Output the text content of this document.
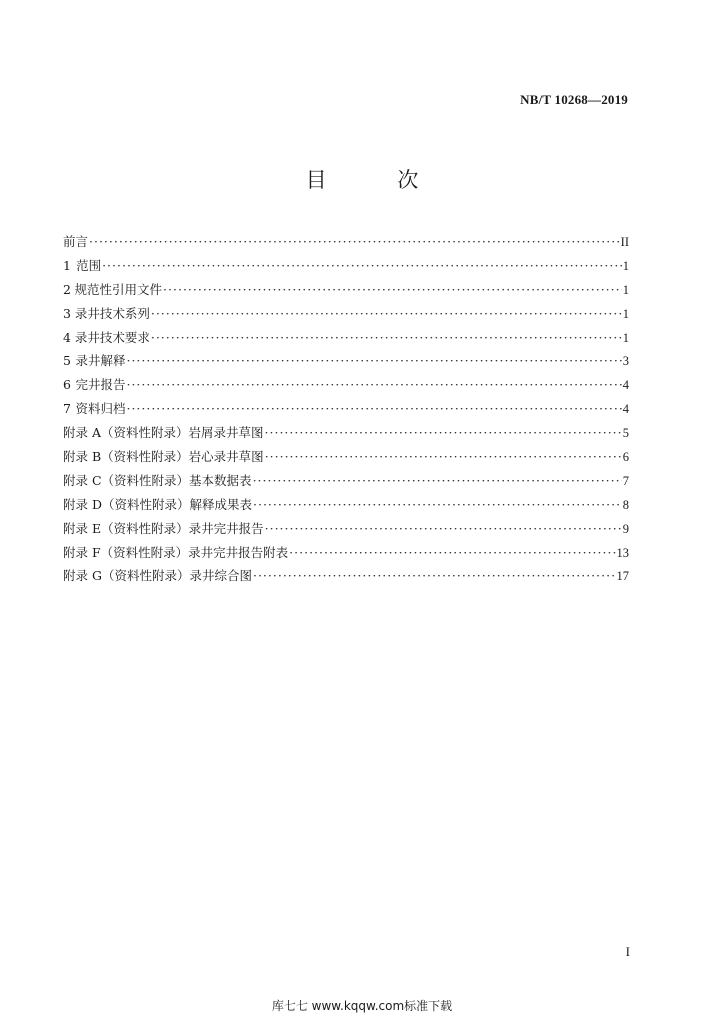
NB/T 10268—2019
目 次
前言 ·····	II
1 范围 ·····	1
2 规范性引用文件 ·····	1
3 录井技术系列 ·····	1
4 录井技术要求 ·····	1
5 录井解释 ·····	3
6 完井报告 ·····	4
7 资料归档 ·····	4
附录 A（资料性附录） 岩屑录井草图 ·····	5
附录 B（资料性附录） 岩心录井草图 ·····	6
附录 C（资料性附录） 基本数据表 ·····	7
附录 D（资料性附录） 解释成果表 ·····	8
附录 E（资料性附录） 录井完井报告 ·····	9
附录 F（资料性附录） 录井完井报告附表 ·····	13
附录 G（资料性附录） 录井综合图 ·····	17
I
库七七 www.kqqw.com标准下载
